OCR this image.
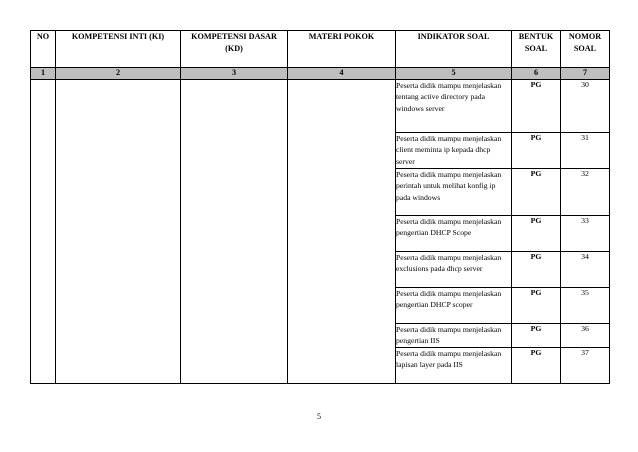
NO	KOMPETENSI INTI (KI)	KOMPETENSI DASAR (KD)	MATERI POKOK	INDIKATOR SOAL	BENTUK SOAL	NOMOR SOAL
1	2	3	4	5	6	7
				Peserta didik mampu menjelaskan tentang active directory pada windows server	PG	30
				Peserta didik mampu menjelaskan client meminta ip kepada dhcp server	PG	31
				Peserta didik mampu menjelaskan perintah untuk melihat konfig ip pada windows	PG	32
				Peserta didik mampu menjelaskan pengertian DHCP Scope	PG	33
				Peserta didik mampu menjelaskan exclusions pada dhcp server	PG	34
				Peserta didik mampu menjelaskan pengertian DHCP scoper	PG	35
				Peserta didik mampu menjelaskan pengertian IIS	PG	36
				Peserta didik mampu menjelaskan lapisan layer pada IIS	PG	37
5
